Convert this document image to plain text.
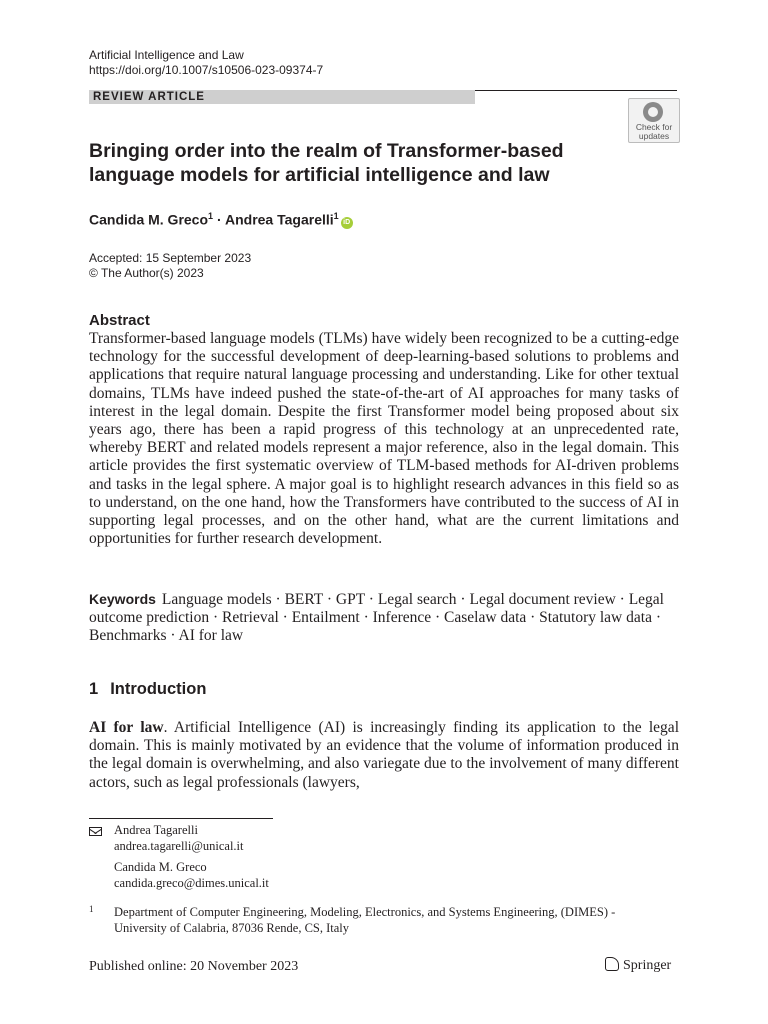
Artificial Intelligence and Law
https://doi.org/10.1007/s10506-023-09374-7
REVIEW ARTICLE
Check for
updates
Bringing order into the realm of Transformer-based language models for artificial intelligence and law
Candida M. Greco$^1$ · Andrea Tagarelli$^1$iD
Accepted: 15 September 2023
© The Author(s) 2023
Abstract
Transformer-based language models (TLMs) have widely been recognized to be a cutting-edge technology for the successful development of deep-learning-based solutions to problems and applications that require natural language processing and understanding. Like for other textual domains, TLMs have indeed pushed the state-of-the-art of AI approaches for many tasks of interest in the legal domain. Despite the first Transformer model being proposed about six years ago, there has been a rapid progress of this technology at an unprecedented rate, whereby BERT and related models represent a major reference, also in the legal domain. This article provides the first systematic overview of TLM-based methods for AI-driven problems and tasks in the legal sphere. A major goal is to highlight research advances in this field so as to understand, on the one hand, how the Transformers have contributed to the success of AI in supporting legal processes, and on the other hand, what are the current limitations and opportunities for further research development.
Keywords Language models · BERT · GPT · Legal search · Legal document review · Legal outcome prediction · Retrieval · Entailment · Inference · Caselaw data · Statutory law data · Benchmarks · AI for law
1 Introduction
AI for law. Artificial Intelligence (AI) is increasingly finding its application to the legal domain. This is mainly motivated by an evidence that the volume of information produced in the legal domain is overwhelming, and also variegate due to the involvement of many different actors, such as legal professionals (lawyers,
Andrea Tagarelli
andrea.tagarelli@unical.it
Candida M. Greco
candida.greco@dimes.unical.it
1 Department of Computer Engineering, Modeling, Electronics, and Systems Engineering, (DIMES) - University of Calabria, 87036 Rende, CS, Italy
Published online: 20 November 2023	Springer
